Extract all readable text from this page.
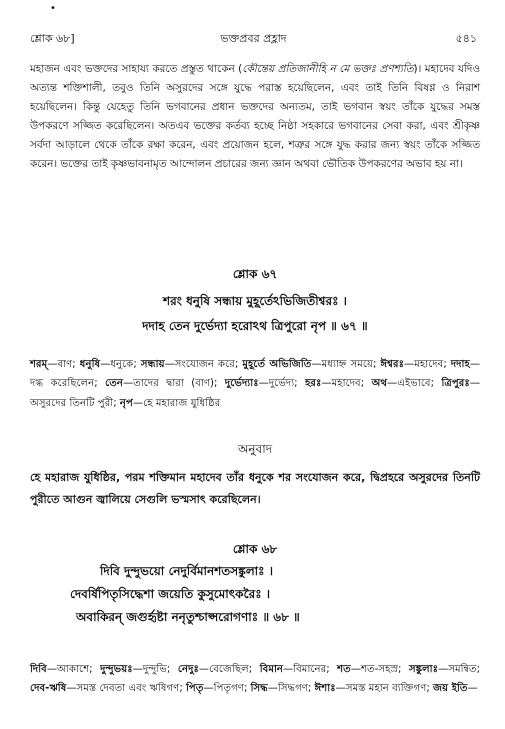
•
শ্লোক ৬৮]	ভক্তপ্রবর প্রহ্লাদ	৫৪১
মহাজন এবং ভক্তদের সাহায্য করতে প্রস্তুত থাকেন (কৌন্তেয় প্রতিজানীহি ন মে ভক্তঃ প্রণশ্যতি)। মহাদেব যদিও অত্যন্ত শক্তিশালী, তবুও তিনি অসুরদের সঙ্গে যুদ্ধে পরাস্ত হয়েছিলেন, এবং তাই তিনি বিষণ্ণ ও নিরাশ হয়েছিলেন। কিন্তু যেহেতু তিনি ভগবানের প্রধান ভক্তদের অন্যতম, তাই ভগবান স্বয়ং তাঁকে যুদ্ধের সমস্ত উপকরণে সজ্জিত করেছিলেন। অতএব ভক্তের কর্তব্য হচ্ছে নিষ্ঠা সহকারে ভগবানের সেবা করা, এবং শ্রীকৃষ্ণ সর্বদা আড়ালে থেকে তাঁকে রক্ষা করেন, এবং প্রয়োজন হলে, শত্রুর সঙ্গে যুদ্ধ করার জন্য স্বয়ং তাঁকে সজ্জিত করেন। ভক্তের তাই কৃষ্ণভাবনামৃত আন্দোলন প্রচারের জন্য জ্ঞান অথবা ভৌতিক উপকরণের অভাব হয় না।
শ্লোক ৬৭
শরং ধনুষি সন্ধায় মুহূর্তেঽভিজিতীশ্বরঃ ।
দদাহ তেন দুর্ভেদ্যা হরোঽথ ত্রিপুরো নৃপ ॥ ৬৭ ॥
শরম্—বাণ; ধনুষি—ধনুকে; সন্ধায়—সংযোজন করে; মুহূর্তে অভিজিতি—মধ্যাহ্ন সময়ে; ঈশ্বরঃ—মহাদেব; দদাহ—দগ্ধ করেছিলেন; তেন—তাদের দ্বারা (বাণ); দুর্ভেদ্যাঃ—দুর্ভেদ্য; হরঃ—মহাদেব; অথ—এইভাবে; ত্রিপুরঃ—অসুরদের তিনটি পুরী; নৃপ—হে মহারাজ যুধিষ্ঠির
অনুবাদ
হে মহারাজ যুধিষ্ঠির, পরম শক্তিমান মহাদেব তাঁর ধনুকে শর সংযোজন করে, দ্বিপ্রহরে অসুরদের তিনটি পুরীতে আগুন জ্বালিয়ে সেগুলি ভস্মসাৎ করেছিলেন।
শ্লোক ৬৮
দিবি দুন্দুভয়ো নেদুর্বিমানশতসঙ্কুলাঃ ।
দেবর্ষিপিতৃসিদ্ধেশা জয়েতি কুসুমোৎকরৈঃ ।
অবাকিরন্ জগুর্হৃষ্টা ননৃতুশ্চাপ্সরোগণাঃ ॥ ৬৮ ॥
দিবি—আকাশে; দুন্দুভয়ঃ—দুন্দুভি; নেদুঃ—বেজেছিল; বিমান—বিমানের; শত—শত-সহস্র; সঙ্কুলাঃ—সমন্বিত; দেব-ঋষি—সমস্ত দেবতা এবং ঋষিগণ; পিতৃ—পিতৃগণ; সিদ্ধ—সিদ্ধগণ; ঈশাঃ—সমস্ত মহান ব্যক্তিগণ; জয় ইতি—
